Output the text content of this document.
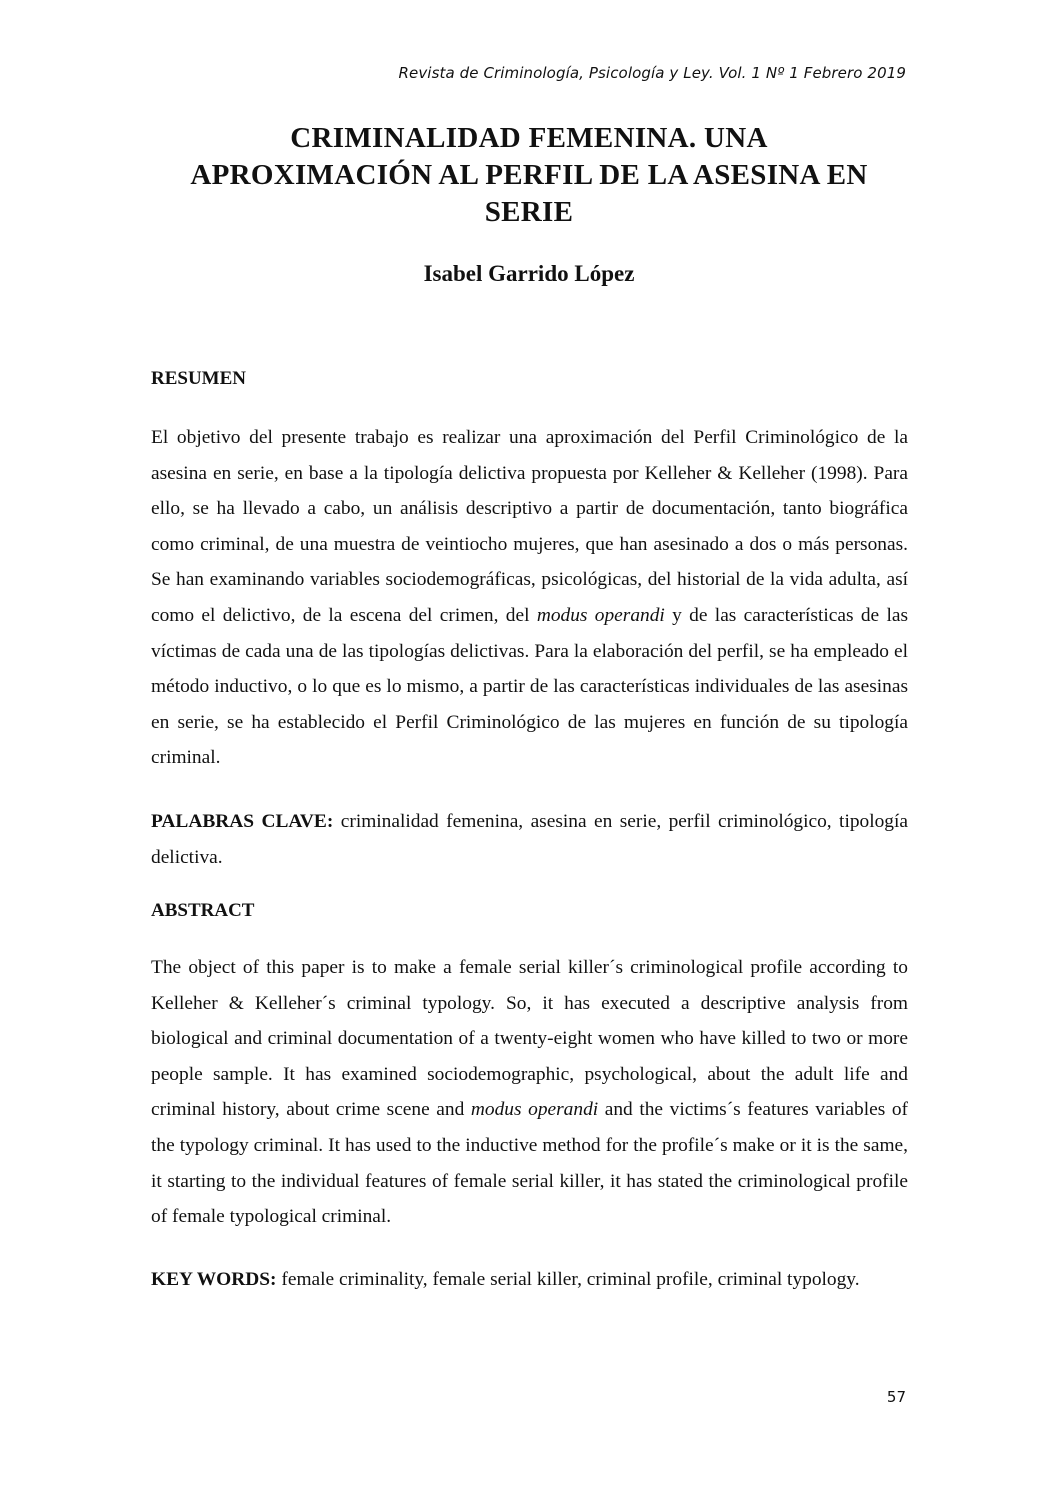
Revista de Criminología, Psicología y Ley. Vol. 1 Nº 1 Febrero 2019
CRIMINALIDAD FEMENINA. UNA
APROXIMACIÓN AL PERFIL DE LA ASESINA EN
SERIE
Isabel Garrido López
RESUMEN

El objetivo del presente trabajo es realizar una aproximación del Perfil Criminológico de la asesina en serie, en base a la tipología delictiva propuesta por Kelleher & Kelleher (1998). Para ello, se ha llevado a cabo, un análisis descriptivo a partir de documentación, tanto biográfica como criminal, de una muestra de veintiocho mujeres, que han asesinado a dos o más personas. Se han examinando variables sociodemográficas, psicológicas, del historial de la vida adulta, así como el delictivo, de la escena del crimen, del modus operandi y de las características de las víctimas de cada una de las tipologías delictivas. Para la elaboración del perfil, se ha empleado el método inductivo, o lo que es lo mismo, a partir de las características individuales de las asesinas en serie, se ha establecido el Perfil Criminológico de las mujeres en función de su tipología criminal.

PALABRAS CLAVE: criminalidad femenina, asesina en serie, perfil criminológico, tipología delictiva.

ABSTRACT

The object of this paper is to make a female serial killer´s criminological profile according to Kelleher & Kelleher´s criminal typology. So, it has executed a descriptive analysis from biological and criminal documentation of a twenty-eight women who have killed to two or more people sample. It has examined sociodemographic, psychological, about the adult life and criminal history, about crime scene and modus operandi and the victims´s features variables of the typology criminal. It has used to the inductive method for the profile´s make or it is the same, it starting to the individual features of female serial killer, it has stated the criminological profile of female typological criminal.

KEY WORDS: female criminality, female serial killer, criminal profile, criminal typology.

57
